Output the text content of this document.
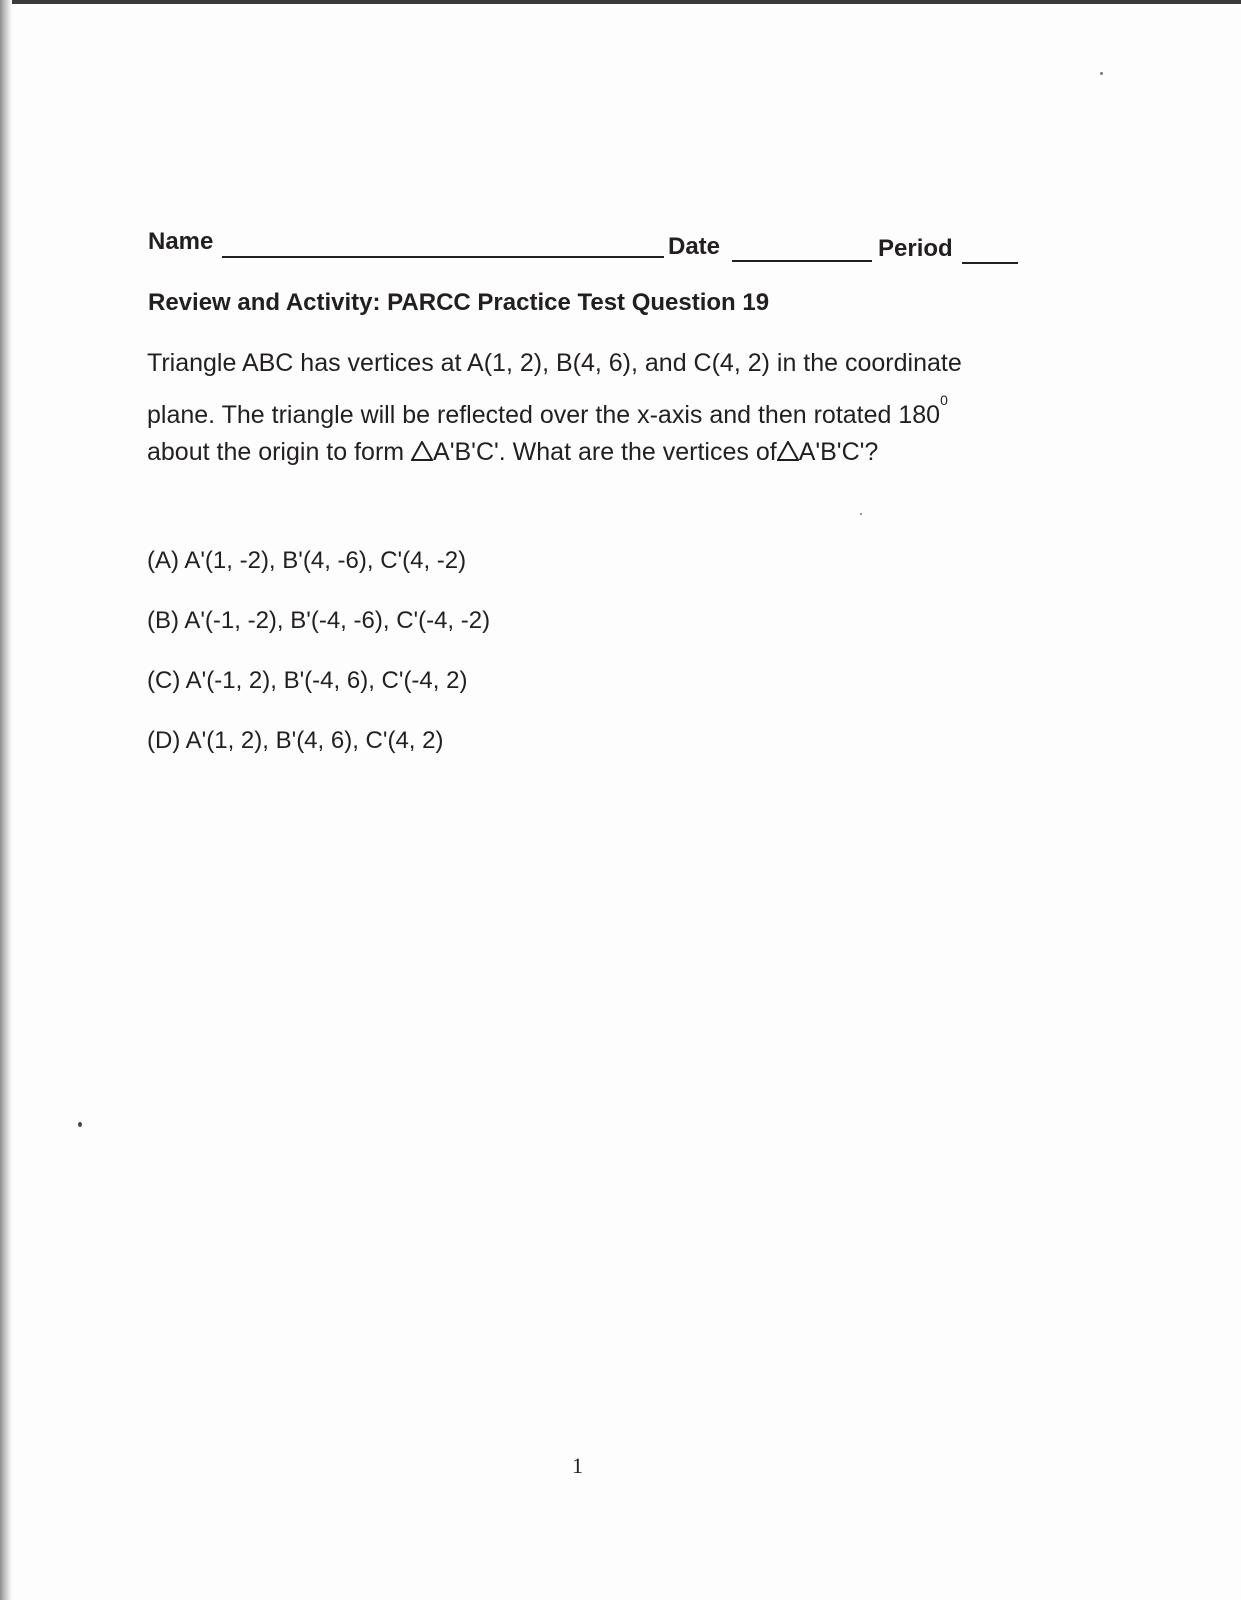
Name	Date	Period
Review and Activity: PARCC Practice Test Question 19
Triangle ABC has vertices at A(1, 2), B(4, 6), and C(4, 2) in the coordinate
plane. The triangle will be reflected over the x-axis and then rotated $180^0$
about the origin to form A'B'C'. What are the vertices of A'B'C'?
(A) A'(1, -2), B'(4, -6), C'(4, -2)
(B) A'(-1, -2), B'(-4, -6), C'(-4, -2)
(C) A'(-1, 2), B'(-4, 6), C'(-4, 2)
(D) A'(1, 2), B'(4, 6), C'(4, 2)
1
